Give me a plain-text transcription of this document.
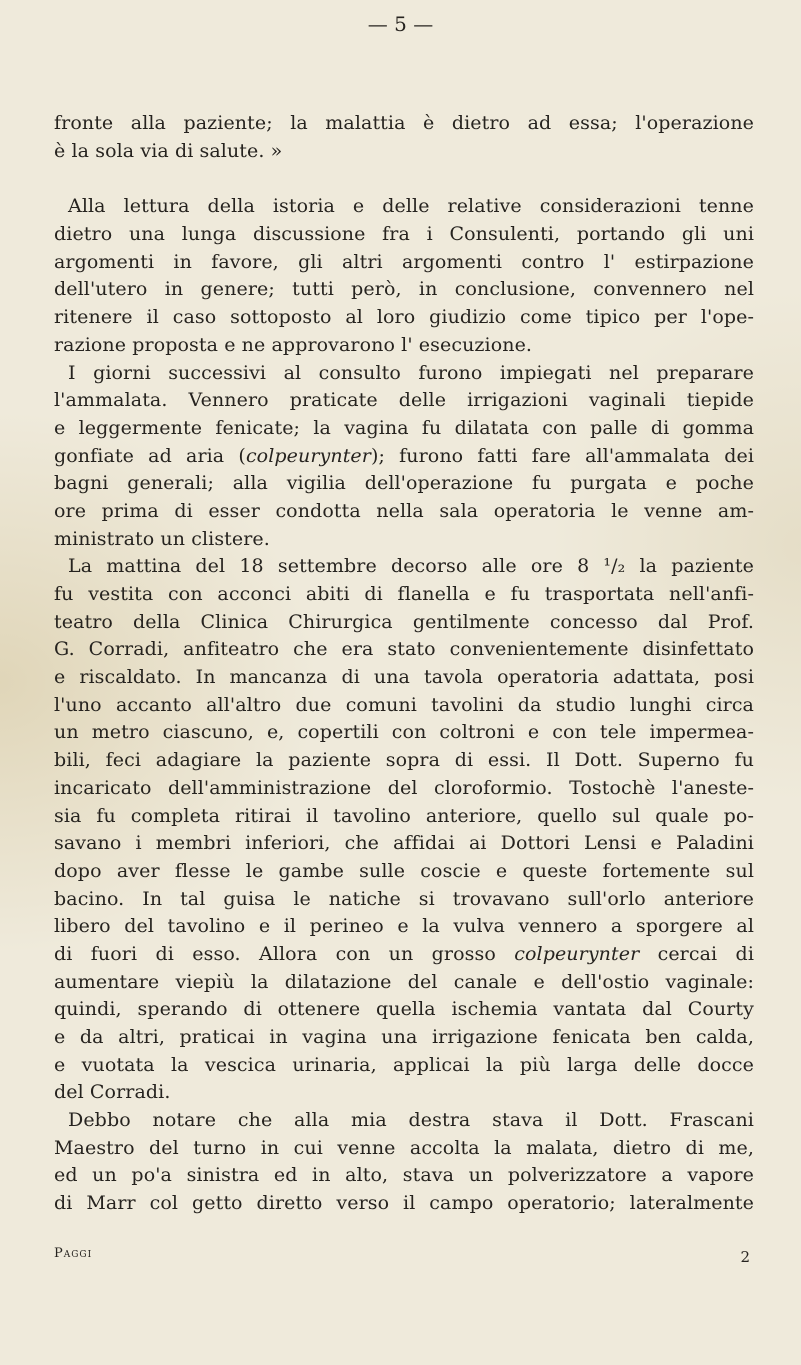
— 5 —
fronte alla paziente; la malattia è dietro ad essa; l'operazione
è la sola via di salute. »
Alla lettura della istoria e delle relative considerazioni tenne
dietro una lunga discussione fra i Consulenti, portando gli uni
argomenti in favore, gli altri argomenti contro l' estirpazione
dell'utero in genere; tutti però, in conclusione, convennero nel
ritenere il caso sottoposto al loro giudizio come tipico per l'ope-
razione proposta e ne approvarono l' esecuzione.
I giorni successivi al consulto furono impiegati nel preparare
l'ammalata. Vennero praticate delle irrigazioni vaginali tiepide
e leggermente fenicate; la vagina fu dilatata con palle di gomma
gonfiate ad aria (colpeurynter); furono fatti fare all'ammalata dei
bagni generali; alla vigilia dell'operazione fu purgata e poche
ore prima di esser condotta nella sala operatoria le venne am-
ministrato un clistere.
La mattina del 18 settembre decorso alle ore 8 ¹/₂ la paziente
fu vestita con acconci abiti di flanella e fu trasportata nell'anfi-
teatro della Clinica Chirurgica gentilmente concesso dal Prof.
G. Corradi, anfiteatro che era stato convenientemente disinfettato
e riscaldato. In mancanza di una tavola operatoria adattata, posi
l'uno accanto all'altro due comuni tavolini da studio lunghi circa
un metro ciascuno, e, copertili con coltroni e con tele impermea-
bili, feci adagiare la paziente sopra di essi. Il Dott. Superno fu
incaricato dell'amministrazione del cloroformio. Tostochè l'aneste-
sia fu completa ritirai il tavolino anteriore, quello sul quale po-
savano i membri inferiori, che affidai ai Dottori Lensi e Paladini
dopo aver flesse le gambe sulle coscie e queste fortemente sul
bacino. In tal guisa le natiche si trovavano sull'orlo anteriore
libero del tavolino e il perineo e la vulva vennero a sporgere al
di fuori di esso. Allora con un grosso colpeurynter cercai di
aumentare viepiù la dilatazione del canale e dell'ostio vaginale:
quindi, sperando di ottenere quella ischemia vantata dal Courty
e da altri, praticai in vagina una irrigazione fenicata ben calda,
e vuotata la vescica urinaria, applicai la più larga delle docce
del Corradi.
Debbo notare che alla mia destra stava il Dott. Frascani
Maestro del turno in cui venne accolta la malata, dietro di me,
ed un po'a sinistra ed in alto, stava un polverizzatore a vapore
di Marr col getto diretto verso il campo operatorio; lateralmente
Paggi	2
